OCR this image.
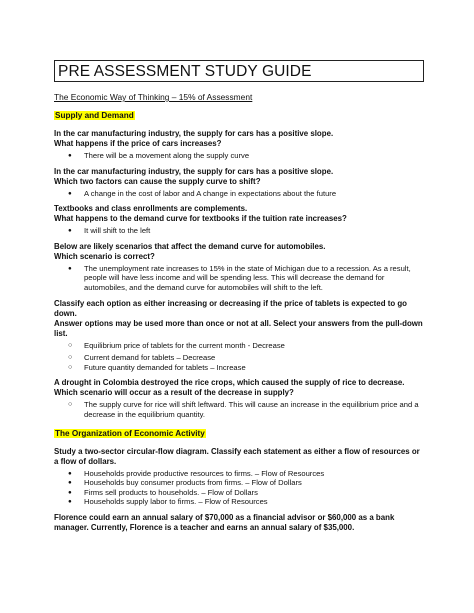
PRE ASSESSMENT STUDY GUIDE
The Economic Way of Thinking – 15% of Assessment
Supply and Demand
In the car manufacturing industry, the supply for cars has a positive slope.
What happens if the price of cars increases?
● There will be a movement along the supply curve
In the car manufacturing industry, the supply for cars has a positive slope.
Which two factors can cause the supply curve to shift?
● A change in the cost of labor and A change in expectations about the future
Textbooks and class enrollments are complements.
What happens to the demand curve for textbooks if the tuition rate increases?
● It will shift to the left
Below are likely scenarios that affect the demand curve for automobiles.
Which scenario is correct?
● The unemployment rate increases to 15% in the state of Michigan due to a recession. As a result, people will have less income and will be spending less. This will decrease the demand for automobiles, and the demand curve for automobiles will shift to the left.
Classify each option as either increasing or decreasing if the price of tablets is expected to go down.
Answer options may be used more than once or not at all. Select your answers from the pull-down list.
○ Equilibrium price of tablets for the current month - Decrease
○ Current demand for tablets – Decrease
○ Future quantity demanded for tablets – Increase
A drought in Colombia destroyed the rice crops, which caused the supply of rice to decrease.
Which scenario will occur as a result of the decrease in supply?
○ The supply curve for rice will shift leftward. This will cause an increase in the equilibrium price and a decrease in the equilibrium quantity.
The Organization of Economic Activity
Study a two-sector circular-flow diagram. Classify each statement as either a flow of resources or a flow of dollars.
● Households provide productive resources to firms. – Flow of Resources
● Households buy consumer products from firms. – Flow of Dollars
● Firms sell products to households. – Flow of Dollars
● Households supply labor to firms. – Flow of Resources
Florence could earn an annual salary of $70,000 as a financial advisor or $60,000 as a bank manager. Currently, Florence is a teacher and earns an annual salary of $35,000.
